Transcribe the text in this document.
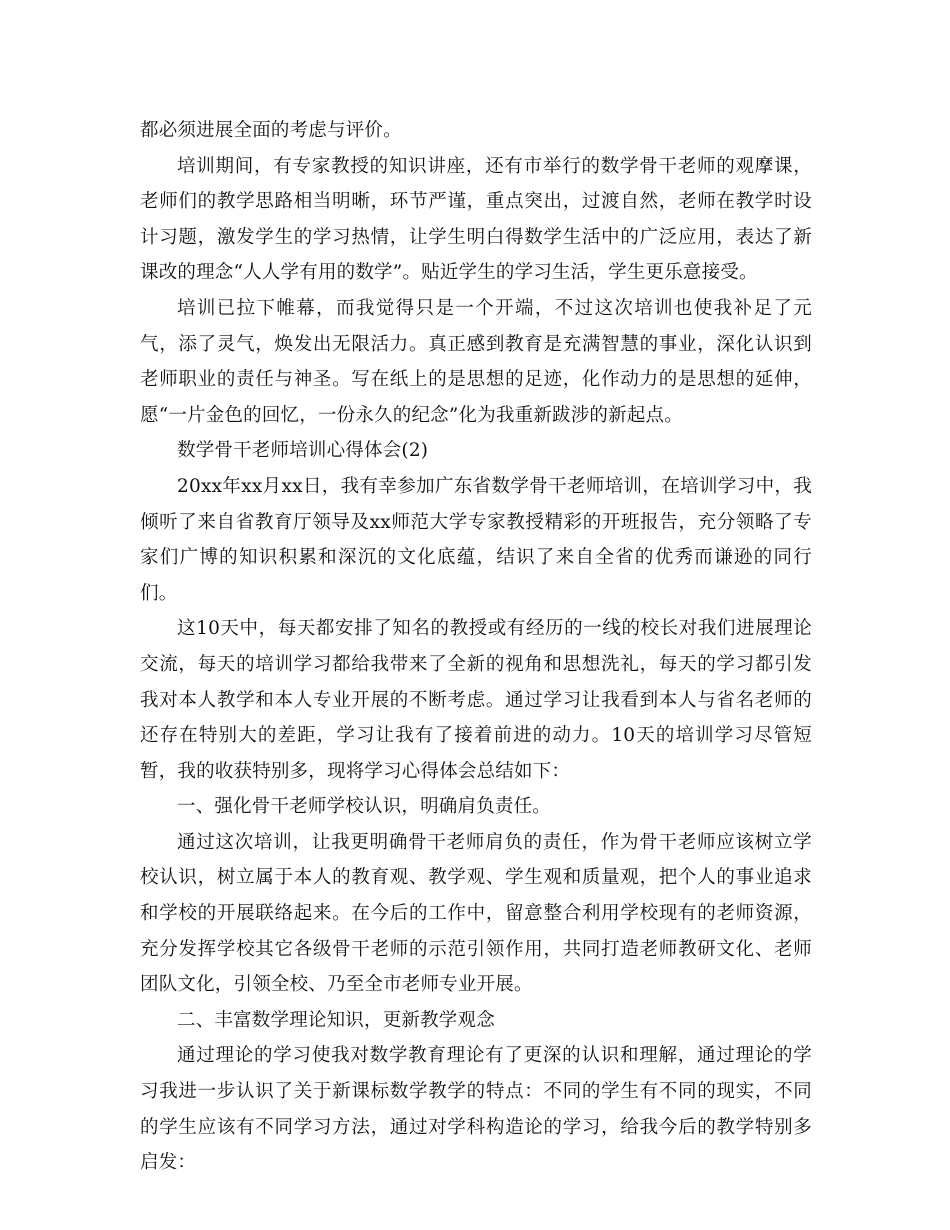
都必须进展全面的考虑与评价。

培训期间，有专家教授的知识讲座，还有市举行的数学骨干老师的观摩课，老师们的教学思路相当明晰，环节严谨，重点突出，过渡自然，老师在教学时设计习题，激发学生的学习热情，让学生明白得数学生活中的广泛应用，表达了新课改的理念“人人学有用的数学”。贴近学生的学习生活，学生更乐意接受。

培训已拉下帷幕，而我觉得只是一个开端，不过这次培训也使我补足了元气，添了灵气，焕发出无限活力。真正感到教育是充满智慧的事业，深化认识到老师职业的责任与神圣。写在纸上的是思想的足迹，化作动力的是思想的延伸，愿“一片金色的回忆，一份永久的纪念”化为我重新跋涉的新起点。

数学骨干老师培训心得体会(2)

20xx年xx月xx日，我有幸参加广东省数学骨干老师培训，在培训学习中，我倾听了来自省教育厅领导及xx师范大学专家教授精彩的开班报告，充分领略了专家们广博的知识积累和深沉的文化底蕴，结识了来自全省的优秀而谦逊的同行们。

这10天中，每天都安排了知名的教授或有经历的一线的校长对我们进展理论交流，每天的培训学习都给我带来了全新的视角和思想洗礼，每天的学习都引发我对本人教学和本人专业开展的不断考虑。通过学习让我看到本人与省名老师的还存在特别大的差距，学习让我有了接着前进的动力。10天的培训学习尽管短暂，我的收获特别多，现将学习心得体会总结如下：

一、强化骨干老师学校认识，明确肩负责任。

通过这次培训，让我更明确骨干老师肩负的责任，作为骨干老师应该树立学校认识，树立属于本人的教育观、教学观、学生观和质量观，把个人的事业追求和学校的开展联络起来。在今后的工作中，留意整合利用学校现有的老师资源，充分发挥学校其它各级骨干老师的示范引领作用，共同打造老师教研文化、老师团队文化，引领全校、乃至全市老师专业开展。

二、丰富数学理论知识，更新教学观念

通过理论的学习使我对数学教育理论有了更深的认识和理解，通过理论的学习我进一步认识了关于新课标数学教学的特点：不同的学生有不同的现实，不同的学生应该有不同学习方法，通过对学科构造论的学习，给我今后的教学特别多启发：
